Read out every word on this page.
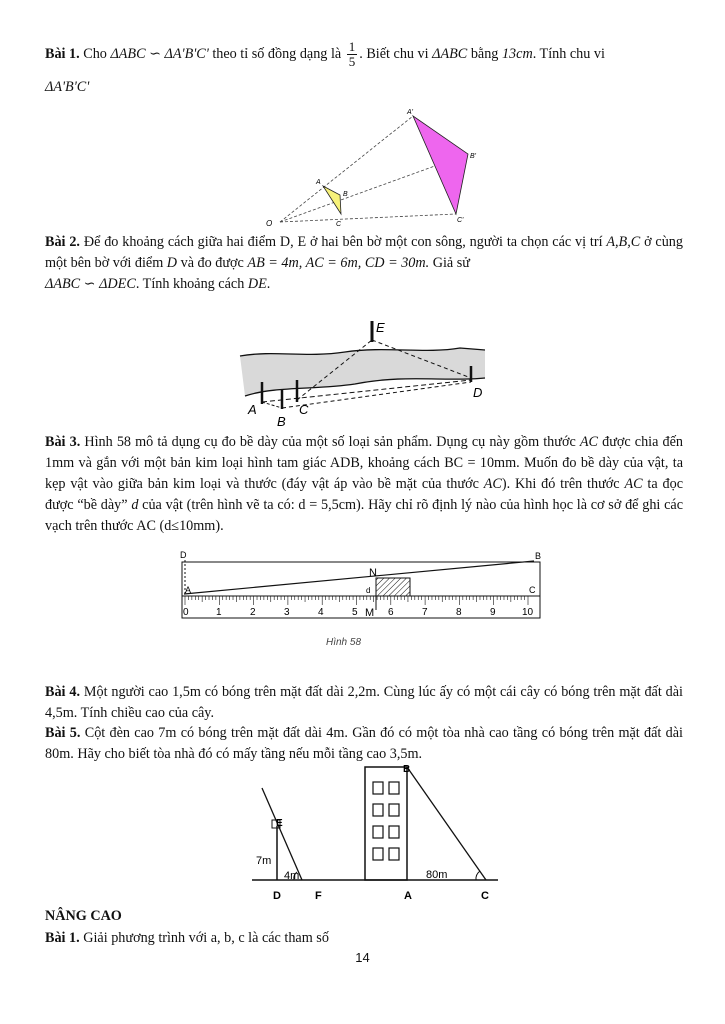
Bài 1. Cho ΔABC ∽ ΔA'B'C' theo tỉ số đồng dạng là $\frac{1}{5}$ . Biết chu vi ΔABC bằng 13cm. Tính chu vi
ΔA'B'C'
O
A
B
C
A'
B'
C'
Bài 2. Để đo khoảng cách giữa hai điểm D, E ở hai bên bờ một con sông, người ta chọn các vị trí A,B,C ở cùng một bên bờ với điểm D và đo được AB = 4m, AC = 6m, CD = 30m. Giả sử
ΔABC ∽ ΔDEC. Tính khoảng cách DE.
E
A
B
C
D
Bài 3. Hình 58 mô tả dụng cụ đo bề dày của một số loại sản phẩm. Dụng cụ này gồm thước AC được chia đến 1mm và gắn với một bản kim loại hình tam giác ADB, khoảng cách BC = 10mm. Muốn đo bề dày của vật, ta kẹp vật vào giữa bản kim loại và thước (đáy vật áp vào bề mặt của thước AC). Khi đó trên thước AC ta đọc được “bề dày” d của vật (trên hình vẽ ta có: d = 5,5cm). Hãy chỉ rõ định lý nào của hình học là cơ sở để ghi các vạch trên thước AC (d≤10mm).
0	1	2	3	4	5	6	7	8	9	10
D	B
A	C
N
M
d
Hình 58
Bài 4. Một người cao 1,5m có bóng trên mặt đất dài 2,2m. Cùng lúc ấy có một cái cây có bóng trên mặt đất dài 4,5m. Tính chiều cao của cây.
Bài 5. Cột đèn cao 7m có bóng trên mặt đất dài 4m. Gần đó có một tòa nhà cao tầng có bóng trên mặt đất dài 80m. Hãy cho biết tòa nhà đó có mấy tầng nếu mỗi tầng cao 3,5m.
E
7m
4m
D	F
B
A
80m
C
NÂNG CAO
Bài 1. Giải phương trình với a, b, c là các tham số
14
